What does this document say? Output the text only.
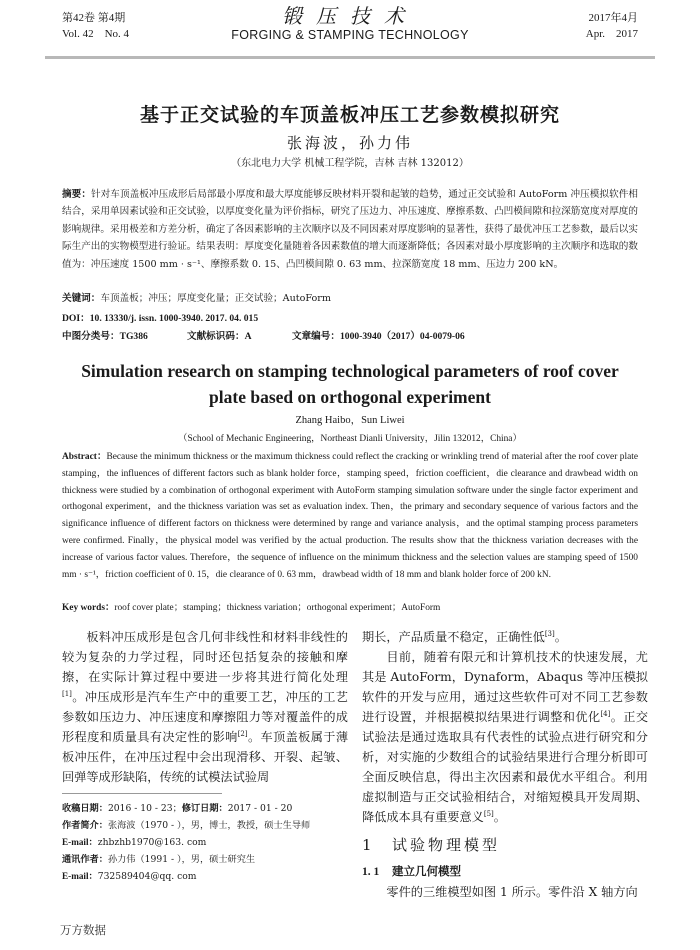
第42卷 第4期
Vol. 42    No. 4
锻压技术
FORGING & STAMPING TECHNOLOGY
2017年4月
Apr.    2017
基于正交试验的车顶盖板冲压工艺参数模拟研究
张海波，孙力伟
（东北电力大学 机械工程学院，吉林 吉林 132012）
摘要：针对车顶盖板冲压成形后局部最小厚度和最大厚度能够反映材料开裂和起皱的趋势，通过正交试验和 AutoForm 冲压模拟软件相结合，采用单因素试验和正交试验，以厚度变化量为评价指标，研究了压边力、冲压速度、摩擦系数、凸凹模间隙和拉深筋宽度对厚度的影响规律。采用极差和方差分析，确定了各因素影响的主次顺序以及不同因素对厚度影响的显著性，获得了最优冲压工艺参数，最后以实际生产出的实物模型进行验证。结果表明：厚度变化量随着各因素数值的增大而逐渐降低；各因素对最小厚度影响的主次顺序和选取的数值为：冲压速度 1500 mm · s⁻¹、摩擦系数 0. 15、凸凹模间隙 0. 63 mm、拉深筋宽度 18 mm、压边力 200 kN。
关键词：车顶盖板；冲压；厚度变化量；正交试验；AutoForm
DOI：10. 13330/j. issn. 1000-3940. 2017. 04. 015
中图分类号：TG386	文献标识码：A	文章编号：1000-3940（2017）04-0079-06
Simulation research on stamping technological parameters of roof cover plate based on orthogonal experiment
Zhang Haibo，Sun Liwei
（School of Mechanic Engineering，Northeast Dianli University，Jilin 132012，China）
Abstract：Because the minimum thickness or the maximum thickness could reflect the cracking or wrinkling trend of material after the roof cover plate stamping，the influences of different factors such as blank holder force，stamping speed，friction coefficient，die clearance and drawbead width on thickness were studied by a combination of orthogonal experiment with AutoForm stamping simulation software under the single factor experiment and orthogonal experiment，and the thickness variation was set as evaluation index. Then，the primary and secondary sequence of various factors and the significance influence of different factors on thickness were determined by range and variance analysis，and the optimal stamping process parameters were confirmed. Finally，the physical model was verified by the actual production. The results show that the thickness variation decreases with the increase of various factor values. Therefore，the sequence of influence on the minimum thickness and the selection values are stamping speed of 1500 mm · s⁻¹，friction coefficient of 0. 15，die clearance of 0. 63 mm，drawbead width of 18 mm and blank holder force of 200 kN.
Key words：roof cover plate；stamping；thickness variation；orthogonal experiment；AutoForm
板料冲压成形是包含几何非线性和材料非线性的较为复杂的力学过程，同时还包括复杂的接触和摩擦，在实际计算过程中要进一步将其进行简化处理[1]。冲压成形是汽车生产中的重要工艺，冲压的工艺参数如压边力、冲压速度和摩擦阻力等对覆盖件的成形程度和质量具有决定性的影响[2]。车顶盖板属于薄板冲压件，在冲压过程中会出现滑移、开裂、起皱、回弹等成形缺陷，传统的试模法试验周
收稿日期：2016 - 10 - 23；修订日期：2017 - 01 - 20
作者简介：张海波（1970 - ），男，博士，教授，硕士生导师
E-mail：zhbzhb1970@163. com
通讯作者：孙力伟（1991 - ），男，硕士研究生
E-mail：732589404@qq. com
期长，产品质量不稳定，正确性低[3]。
目前，随着有限元和计算机技术的快速发展，尤其是 AutoForm，Dynaform，Abaqus 等冲压模拟软件的开发与应用，通过这些软件可对不同工艺参数进行设置，并根据模拟结果进行调整和优化[4]。正交试验法是通过选取具有代表性的试验点进行研究和分析，对实施的少数组合的试验结果进行合理分析即可全面反映信息，得出主次因素和最优水平组合。利用虚拟制造与正交试验相结合，对缩短模具开发周期、降低成本具有重要意义[5]。
1 试验物理模型
1. 1 建立几何模型
零件的三维模型如图 1 所示。零件沿 X 轴方向
万方数据
